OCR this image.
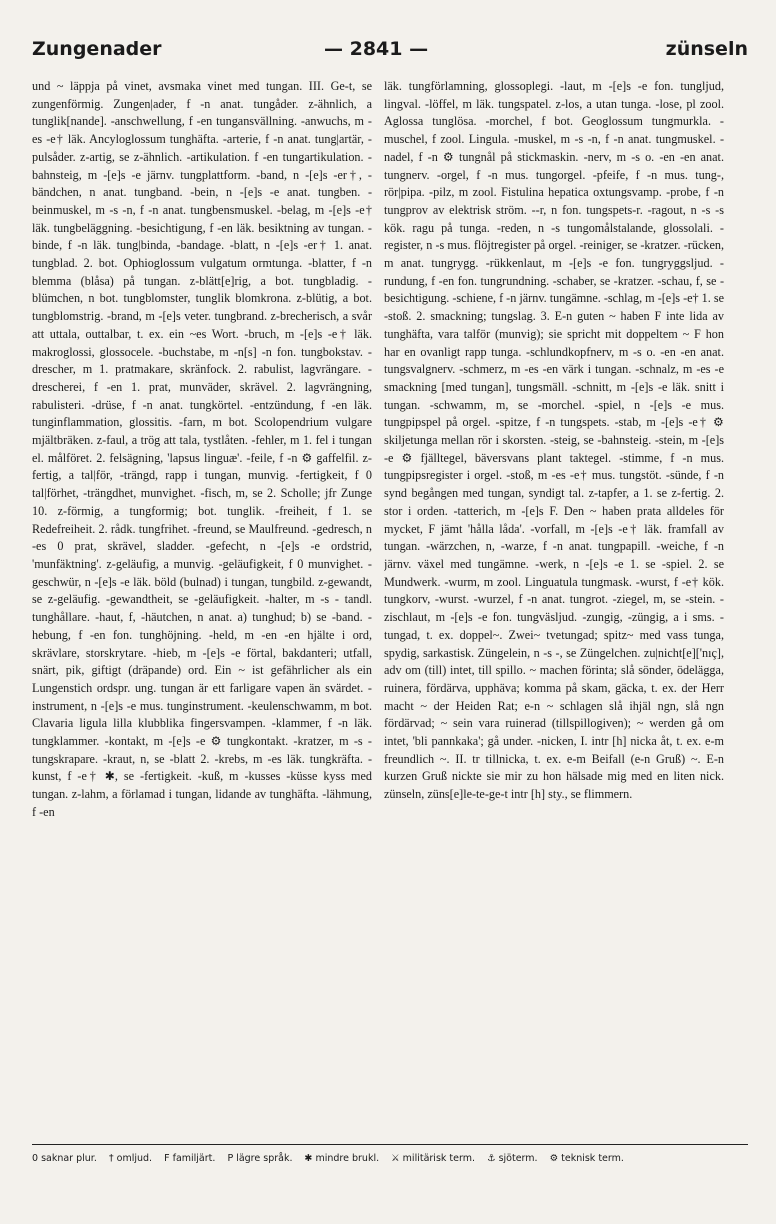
Zungenader	— 2841 —	zünseln

und ~ läppja på vinet, avsmaka vinet med tungan. III. Ge-t, se zungenförmig. Zungen|ader, f -n anat. tungåder. z-ähnlich, a tunglik[nande]. -anschwellung, f -en tungansvällning. -anwuchs, m -es -e† läk. Ancyloglossum tunghäfta. -arterie, f -n anat. tung|artär, -pulsåder. z-artig, se z-ähnlich. -artikulation. f -en tungartikulation. -bahnsteig, m -[e]s -e järnv. tungplattform. -band, n -[e]s -er†, -bändchen, n anat. tungband. -bein, n -[e]s -e anat. tungben. -beinmuskel, m -s -n, f -n anat. tungbensmuskel. -belag, m -[e]s -e† läk. tungbeläggning. -besichtigung, f -en läk. besiktning av tungan. -binde, f -n läk. tung|binda, -bandage. -blatt, n -[e]s -er† 1. anat. tungblad. 2. bot. Ophioglossum vulgatum ormtunga. -blatter, f -n blemma (blåsa) på tungan. z-blätt[e]rig, a bot. tungbladig. -blümchen, n bot. tungblomster, tunglik blomkrona. z-blütig, a bot. tungblomstrig. -brand, m -[e]s veter. tungbrand. z-brecherisch, a svår att uttala, outtalbar, t. ex. ein ~es Wort. -bruch, m -[e]s -e† läk. makroglossi, glossocele. -buchstabe, m -n[s] -n fon. tungbokstav. -drescher, m 1. pratmakare, skränfock. 2. rabulist, lagvrängare. -drescherei, f -en 1. prat, munväder, skrävel. 2. lagvrängning, rabulisteri. -drüse, f -n anat. tungkörtel. -entzündung, f -en läk. tunginflammation, glossitis. -farn, m bot. Scolopendrium vulgare mjältbräken. z-faul, a trög att tala, tystlåten. -fehler, m 1. fel i tungan el. målföret. 2. felsägning, 'lapsus linguæ'. -feile, f -n ⚙ gaffelfil. z-fertig, a tal|för, -trängd, rapp i tungan, munvig. -fertigkeit, f 0 tal|förhet, -trängdhet, munvighet. -fisch, m, se 2. Scholle; jfr Zunge 10. z-förmig, a tungformig; bot. tunglik. -freiheit, f 1. se Redefreiheit. 2. rådk. tungfrihet. -freund, se Maulfreund. -gedresch, n -es 0 prat, skrävel, sladder. -gefecht, n -[e]s -e ordstrid, 'munfäktning'. z-geläufig, a munvig. -geläufigkeit, f 0 munvighet. -geschwür, n -[e]s -e läk. böld (bulnad) i tungan, tungbild. z-gewandt, se z-geläufig. -gewandtheit, se -geläufigkeit. -halter, m -s - tandl. tunghållare. -haut, f, -häutchen, n anat. a) tunghud; b) se -band. -hebung, f -en fon. tunghöjning. -held, m -en -en hjälte i ord, skrävlare, storskrytare. -hieb, m -[e]s -e förtal, bakdanteri; utfall, snärt, pik, giftigt (dräpande) ord. Ein ~ ist gefährlicher als ein Lungenstich ordspr. ung. tungan är ett farligare vapen än svärdet. -instrument, n -[e]s -e mus. tunginstrument. -keulenschwamm, m bot. Clavaria ligula lilla klubblika fingersvampen. -klammer, f -n läk. tungklammer. -kontakt, m -[e]s -e ⚙ tungkontakt. -kratzer, m -s - tungskrapare. -kraut, n, se -blatt 2. -krebs, m -es läk. tungkräfta. -kunst, f -e† ✱, se -fertigkeit. -kuß, m -kusses -küsse kyss med tungan. z-lahm, a förlamad i tungan, lidande av tunghäfta. -lähmung, f -en

läk. tungförlamning, glossoplegi. -laut, m -[e]s -e fon. tungljud, lingval. -löffel, m läk. tungspatel. z-los, a utan tunga. -lose, pl zool. Aglossa tunglösa. -morchel, f bot. Geoglossum tungmurkla. -muschel, f zool. Lingula. -muskel, m -s -n, f -n anat. tungmuskel. -nadel, f -n ⚙ tungnål på stickmaskin. -nerv, m -s o. -en -en anat. tungnerv. -orgel, f -n mus. tungorgel. -pfeife, f -n mus. tung-, rör|pipa. -pilz, m zool. Fistulina hepatica oxtungsvamp. -probe, f -n tungprov av elektrisk ström. --r, n fon. tungspets-r. -ragout, n -s -s kök. ragu på tunga. -reden, n -s tungomålstalande, glossolali. -register, n -s mus. flöjtregister på orgel. -reiniger, se -kratzer. -rücken, m anat. tungrygg. -rükkenlaut, m -[e]s -e fon. tungryggsljud. -rundung, f -en fon. tungrundning. -schaber, se -kratzer. -schau, f, se -besichtigung. -schiene, f -n järnv. tungämne. -schlag, m -[e]s -e† 1. se -stoß. 2. smackning; tungslag. 3. E-n guten ~ haben F inte lida av tunghäfta, vara talför (munvig); sie spricht mit doppeltem ~ F hon har en ovanligt rapp tunga. -schlundkopfnerv, m -s o. -en -en anat. tungsvalgnerv. -schmerz, m -es -en värk i tungan. -schnalz, m -es -e smackning [med tungan], tungsmäll. -schnitt, m -[e]s -e läk. snitt i tungan. -schwamm, m, se -morchel. -spiel, n -[e]s -e mus. tungpipspel på orgel. -spitze, f -n tungspets. -stab, m -[e]s -e† ⚙ skiljetunga mellan rör i skorsten. -steig, se -bahnsteig. -stein, m -[e]s -e ⚙ fjälltegel, bäversvans plant taktegel. -stimme, f -n mus. tungpipsregister i orgel. -stoß, m -es -e† mus. tungstöt. -sünde, f -n synd begången med tungan, syndigt tal. z-tapfer, a 1. se z-fertig. 2. stor i orden. -tatterich, m -[e]s F. Den ~ haben prata alldeles för mycket, F jämt 'hålla låda'. -vorfall, m -[e]s -e† läk. framfall av tungan. -wärzchen, n, -warze, f -n anat. tungpapill. -weiche, f -n järnv. växel med tungämne. -werk, n -[e]s -e 1. se -spiel. 2. se Mundwerk. -wurm, m zool. Linguatula tungmask. -wurst, f -e† kök. tungkorv, -wurst. -wurzel, f -n anat. tungrot. -ziegel, m, se -stein. -zischlaut, m -[e]s -e fon. tungväsljud. -zungig, -züngig, a i sms. -tungad, t. ex. doppel~. Zwei~ tvetungad; spitz~ med vass tunga, spydig, sarkastisk. Züngelein, n -s -, se Züngelchen. zu|nicht[e]['nıç], adv om (till) intet, till spillo. ~ machen förinta; slå sönder, ödelägga, ruinera, fördärva, upphäva; komma på skam, gäcka, t. ex. der Herr macht ~ der Heiden Rat; e-n ~ schlagen slå ihjäl ngn, slå ngn fördärvad; ~ sein vara ruinerad (tillspillogiven); ~ werden gå om intet, 'bli pannkaka'; gå under. -nicken, I. intr [h] nicka åt, t. ex. e-m freundlich ~. II. tr tillnicka, t. ex. e-m Beifall (e-n Gruß) ~. E-n kurzen Gruß nickte sie mir zu hon hälsade mig med en liten nick. zünseln, züns[e]le-te-ge-t intr [h] sty., se flimmern.

0 saknar plur. † omljud. F familjärt. P lägre språk. ✱ mindre brukl. ⚔ militärisk term. ⚓ sjöterm. ⚙ teknisk term.
